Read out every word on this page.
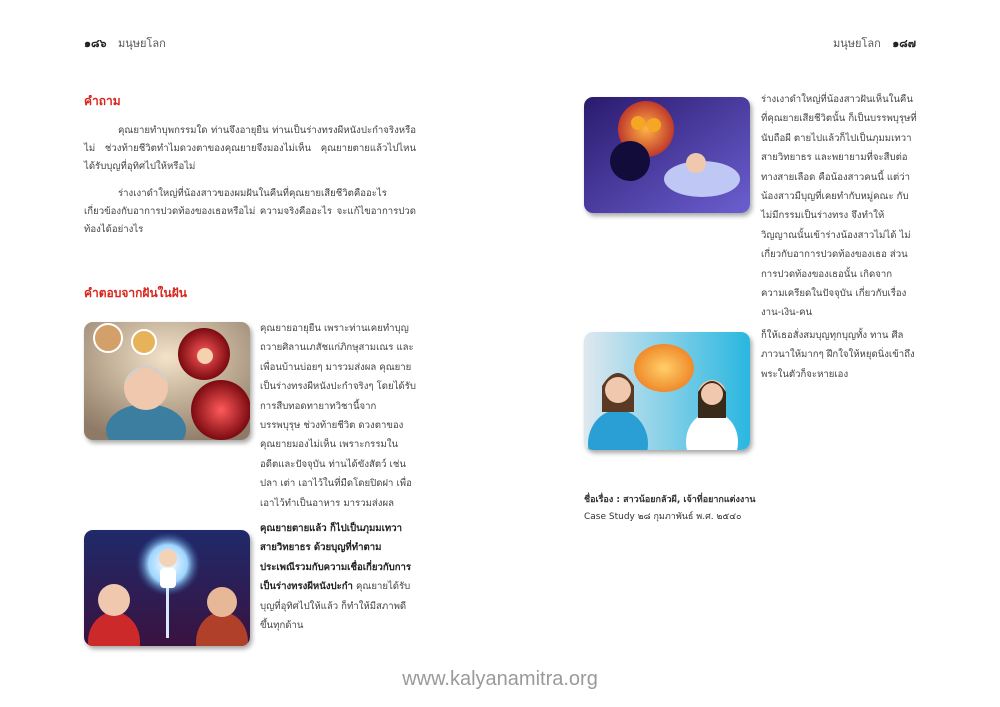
๑๘๖ มนุษยโลก	มนุษยโลก ๑๘๗
คำถาม
คุณยายทำบุพกรรมใด ท่านจึงอายุยืน ท่านเป็นร่างทรงผีหนังปะกำจริงหรือไม่ ช่วงท้ายชีวิตทำไมดวงตาของคุณยายจึงมองไม่เห็น คุณยายตายแล้วไปไหน ได้รับบุญที่อุทิศไปให้หรือไม่
ร่างเงาดำใหญ่ที่น้องสาวของผมฝันในคืนที่คุณยายเสียชีวิตคืออะไร เกี่ยวข้องกับอาการปวดท้องของเธอหรือไม่ ความจริงคืออะไร จะแก้ไขอาการปวดท้องได้อย่างไร
คำตอบจากฝันในฝัน
คุณยายอายุยืน เพราะท่านเคยทำบุญถวายศิลานเภสัชแก่ภิกษุสามเณร และเพื่อนบ้านบ่อยๆ มารวมส่งผล คุณยายเป็นร่างทรงผีหนังปะกำจริงๆ โดยได้รับการสืบทอดทายาทวิชานี้จากบรรพบุรุษ ช่วงท้ายชีวิต ดวงตาของคุณยายมองไม่เห็น เพราะกรรมในอดีตและปัจจุบัน ท่านได้ขังสัตว์ เช่น ปลา เต่า เอาไว้ในที่มืดโดยปิดฝา เพื่อเอาไว้ทำเป็นอาหาร มารวมส่งผล
คุณยายตายแล้ว ก็ไปเป็นภุมมเทวา สายวิทยาธร ด้วยบุญที่ทำตามประเพณีรวมกับความเชื่อเกี่ยวกับการเป็นร่างทรงผีหนังปะกำ คุณยายได้รับบุญที่อุทิศไปให้แล้ว ก็ทำให้มีสภาพดีขึ้นทุกด้าน
ร่างเงาดำใหญ่ที่น้องสาวฝันเห็นในคืนที่คุณยายเสียชีวิตนั้น ก็เป็นบรรพบุรุษที่นับถือผี ตายไปแล้วก็ไปเป็นภุมมเทวา สายวิทยาธร และพยายามที่จะสืบต่อทางสายเลือด คือน้องสาวคนนี้ แต่ว่าน้องสาวมีบุญที่เคยทำกับหมู่คณะ กับไม่มีกรรมเป็นร่างทรง จึงทำให้วิญญาณนั้นเข้าร่างน้องสาวไม่ได้ ไม่เกี่ยวกับอาการปวดท้องของเธอ ส่วนการปวดท้องของเธอนั้น เกิดจากความเครียดในปัจจุบัน เกี่ยวกับเรื่องงาน-เงิน-คน
ก็ให้เธอสั่งสมบุญทุกบุญทั้ง ทาน ศีล ภาวนาให้มากๆ ฝึกใจให้หยุดนิ่งเข้าถึงพระในตัวก็จะหายเอง
ชื่อเรื่อง : สาวน้อยกลัวผี, เจ้าที่อยากแต่งงาน
Case Study ๒๘ กุมภาพันธ์ พ.ศ. ๒๕๔๐
www.kalyanamitra.org
